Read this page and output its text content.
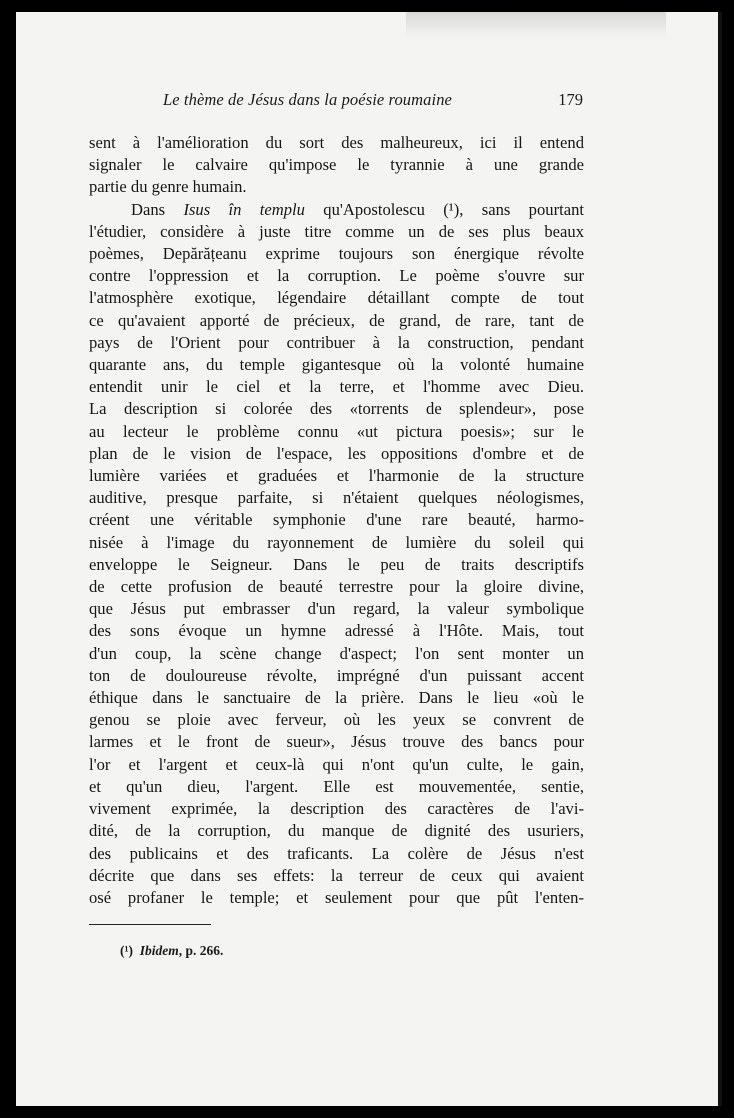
Le thème de Jésus dans la poésie roumaine	179
sent à l'amélioration du sort des malheureux, ici il entend
signaler le calvaire qu'impose le tyrannie à une grande
partie du genre humain.
Dans Isus în templu qu'Apostolescu (¹), sans pourtant
l'étudier, considère à juste titre comme un de ses plus beaux
poèmes, Depărățeanu exprime toujours son énergique révolte
contre l'oppression et la corruption. Le poème s'ouvre sur
l'atmosphère exotique, légendaire détaillant compte de tout
ce qu'avaient apporté de précieux, de grand, de rare, tant de
pays de l'Orient pour contribuer à la construction, pendant
quarante ans, du temple gigantesque où la volonté humaine
entendit unir le ciel et la terre, et l'homme avec Dieu.
La description si colorée des «torrents de splendeur», pose
au lecteur le problème connu «ut pictura poesis»; sur le
plan de le vision de l'espace, les oppositions d'ombre et de
lumière variées et graduées et l'harmonie de la structure
auditive, presque parfaite, si n'étaient quelques néologismes,
créent une véritable symphonie d'une rare beauté, harmo-
nisée à l'image du rayonnement de lumière du soleil qui
enveloppe le Seigneur. Dans le peu de traits descriptifs
de cette profusion de beauté terrestre pour la gloire divine,
que Jésus put embrasser d'un regard, la valeur symbolique
des sons évoque un hymne adressé à l'Hôte. Mais, tout
d'un coup, la scène change d'aspect; l'on sent monter un
ton de douloureuse révolte, imprégné d'un puissant accent
éthique dans le sanctuaire de la prière. Dans le lieu «où le
genou se ploie avec ferveur, où les yeux se convrent de
larmes et le front de sueur», Jésus trouve des bancs pour
l'or et l'argent et ceux-là qui n'ont qu'un culte, le gain,
et qu'un dieu, l'argent. Elle est mouvementée, sentie,
vivement exprimée, la description des caractères de l'avi-
dité, de la corruption, du manque de dignité des usuriers,
des publicains et des traficants. La colère de Jésus n'est
décrite que dans ses effets: la terreur de ceux qui avaient
osé profaner le temple; et seulement pour que pût l'enten-
(¹) Ibidem, p. 266.
